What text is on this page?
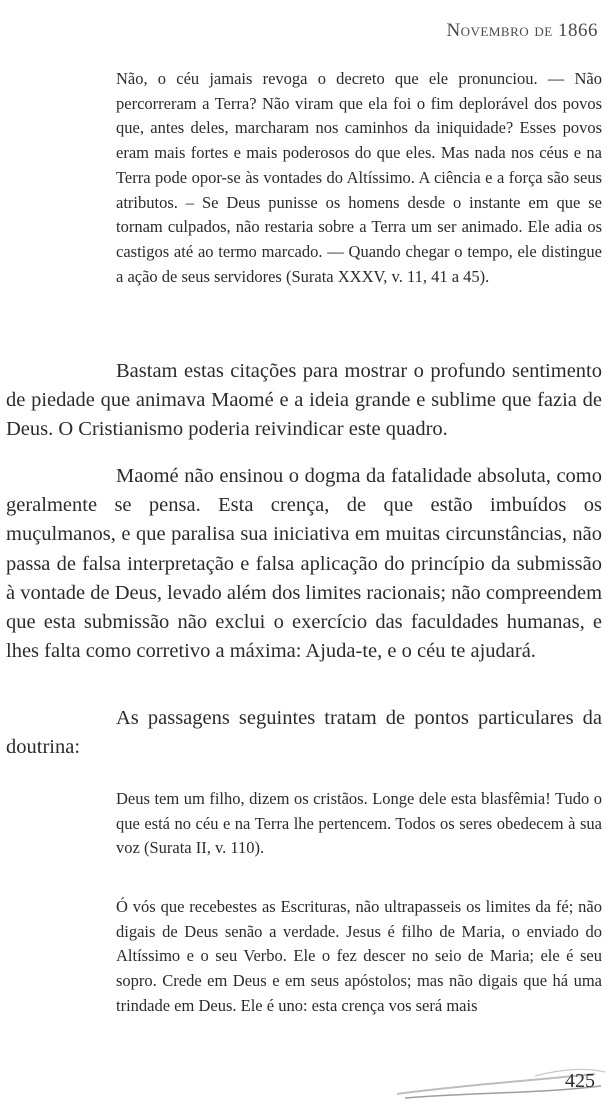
Novembro de 1866

Não, o céu jamais revoga o decreto que ele pronunciou. — Não percorreram a Terra? Não viram que ela foi o fim deplorável dos povos que, antes deles, marcharam nos caminhos da iniquidade? Esses povos eram mais fortes e mais poderosos do que eles. Mas nada nos céus e na Terra pode opor-se às vontades do Altíssimo. A ciência e a força são seus atributos. – Se Deus punisse os homens desde o instante em que se tornam culpados, não restaria sobre a Terra um ser animado. Ele adia os castigos até ao termo marcado. — Quando chegar o tempo, ele distingue a ação de seus servidores (Surata XXXV, v. 11, 41 a 45).

Bastam estas citações para mostrar o profundo sentimento de piedade que animava Maomé e a ideia grande e sublime que fazia de Deus. O Cristianismo poderia reivindicar este quadro.

Maomé não ensinou o dogma da fatalidade absoluta, como geralmente se pensa. Esta crença, de que estão imbuídos os muçulmanos, e que paralisa sua iniciativa em muitas circunstâncias, não passa de falsa interpretação e falsa aplicação do princípio da submissão à vontade de Deus, levado além dos limites racionais; não compreendem que esta submissão não exclui o exercício das faculdades humanas, e lhes falta como corretivo a máxima: Ajuda-te, e o céu te ajudará.

As passagens seguintes tratam de pontos particulares da doutrina:

Deus tem um filho, dizem os cristãos. Longe dele esta blasfêmia! Tudo o que está no céu e na Terra lhe pertencem. Todos os seres obedecem à sua voz (Surata II, v. 110).

Ó vós que recebestes as Escrituras, não ultrapasseis os limites da fé; não digais de Deus senão a verdade. Jesus é filho de Maria, o enviado do Altíssimo e o seu Verbo. Ele o fez descer no seio de Maria; ele é seu sopro. Crede em Deus e em seus apóstolos; mas não digais que há uma trindade em Deus. Ele é uno: esta crença vos será mais

425
